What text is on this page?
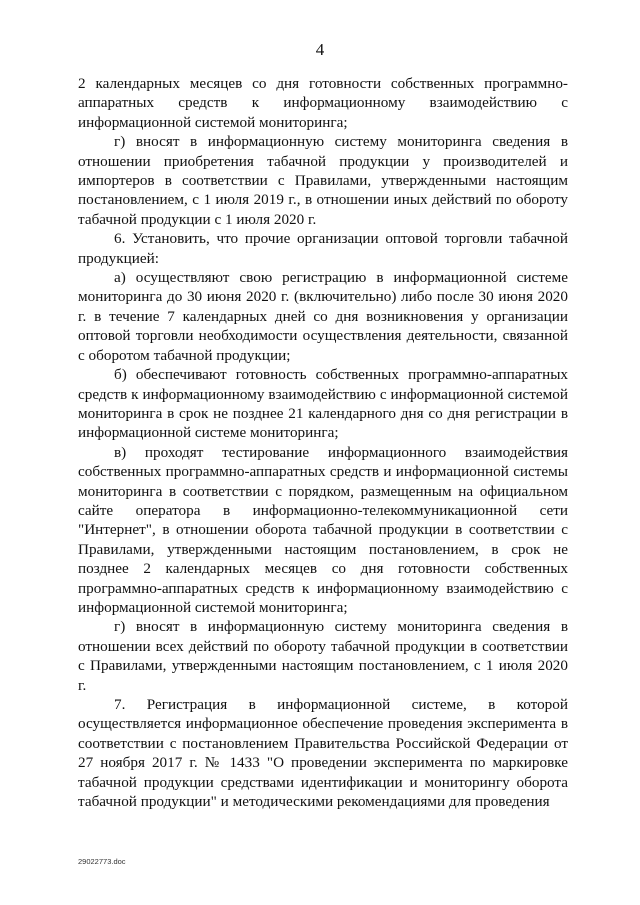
4

2 календарных месяцев со дня готовности собственных программно-аппаратных средств к информационному взаимодействию с информационной системой мониторинга;

г) вносят в информационную систему мониторинга сведения в отношении приобретения табачной продукции у производителей и импортеров в соответствии с Правилами, утвержденными настоящим постановлением, с 1 июля 2019 г., в отношении иных действий по обороту табачной продукции с 1 июля 2020 г.

6. Установить, что прочие организации оптовой торговли табачной продукцией:

а) осуществляют свою регистрацию в информационной системе мониторинга до 30 июня 2020 г. (включительно) либо после 30 июня 2020 г. в течение 7 календарных дней со дня возникновения у организации оптовой торговли необходимости осуществления деятельности, связанной с оборотом табачной продукции;

б) обеспечивают готовность собственных программно-аппаратных средств к информационному взаимодействию с информационной системой мониторинга в срок не позднее 21 календарного дня со дня регистрации в информационной системе мониторинга;

в) проходят тестирование информационного взаимодействия собственных программно-аппаратных средств и информационной системы мониторинга в соответствии с порядком, размещенным на официальном сайте оператора в информационно-телекоммуникационной сети "Интернет", в отношении оборота табачной продукции в соответствии с Правилами, утвержденными настоящим постановлением, в срок не позднее 2 календарных месяцев со дня готовности собственных программно-аппаратных средств к информационному взаимодействию с информационной системой мониторинга;

г) вносят в информационную систему мониторинга сведения в отношении всех действий по обороту табачной продукции в соответствии с Правилами, утвержденными настоящим постановлением, с 1 июля 2020 г.

7. Регистрация в информационной системе, в которой осуществляется информационное обеспечение проведения эксперимента в соответствии с постановлением Правительства Российской Федерации от 27 ноября 2017 г. № 1433 "О проведении эксперимента по маркировке табачной продукции средствами идентификации и мониторингу оборота табачной продукции" и методическими рекомендациями для проведения

29022773.doc
